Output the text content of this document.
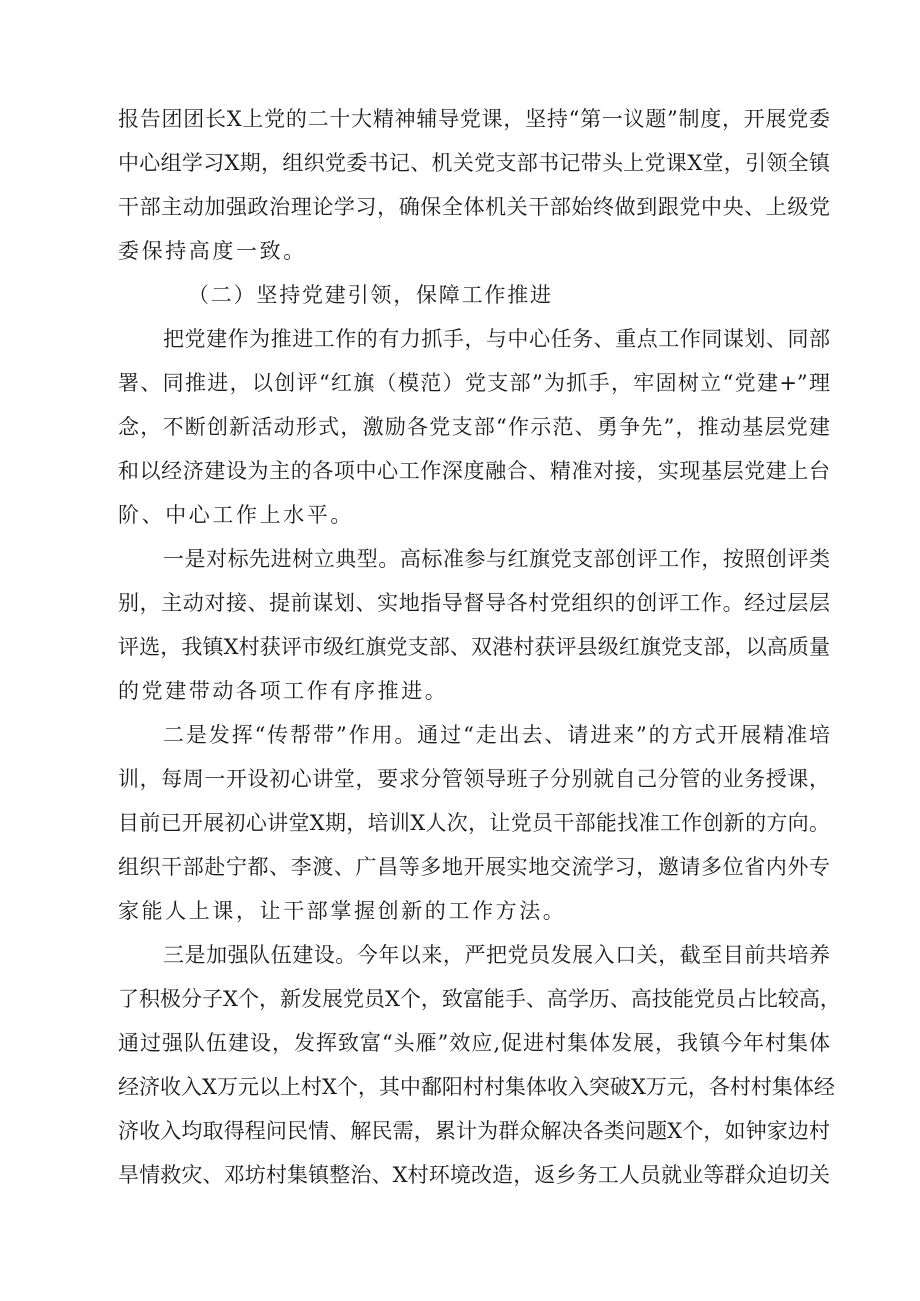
报告团团长X上党的二十大精神辅导党课，坚持“第一议题”制度，开展党委
中心组学习X期，组织党委书记、机关党支部书记带头上党课X堂，引领全镇
干部主动加强政治理论学习，确保全体机关干部始终做到跟党中央、上级党
委保持高度一致。
（二）坚持党建引领，保障工作推进
把党建作为推进工作的有力抓手，与中心任务、重点工作同谋划、同部
署、同推进，以创评“红旗（模范）党支部”为抓手，牢固树立“党建+”理
念，不断创新活动形式，激励各党支部“作示范、勇争先”，推动基层党建
和以经济建设为主的各项中心工作深度融合、精准对接，实现基层党建上台
阶、中心工作上水平。
一是对标先进树立典型。高标准参与红旗党支部创评工作，按照创评类
别，主动对接、提前谋划、实地指导督导各村党组织的创评工作。经过层层
评选，我镇X村获评市级红旗党支部、双港村获评县级红旗党支部，以高质量
的党建带动各项工作有序推进。
二是发挥“传帮带”作用。通过“走出去、请进来”的方式开展精准培
训，每周一开设初心讲堂，要求分管领导班子分别就自己分管的业务授课，
目前已开展初心讲堂X期，培训X人次，让党员干部能找准工作创新的方向。
组织干部赴宁都、李渡、广昌等多地开展实地交流学习，邀请多位省内外专
家能人上课，让干部掌握创新的工作方法。
三是加强队伍建设。今年以来，严把党员发展入口关，截至目前共培养
了积极分子X个，新发展党员X个，致富能手、高学历、高技能党员占比较高，
通过强队伍建设，发挥致富“头雁”效应,促进村集体发展，我镇今年村集体
经济收入X万元以上村X个，其中鄱阳村村集体收入突破X万元，各村村集体经
济收入均取得程问民情、解民需，累计为群众解决各类问题X个，如钟家边村
旱情救灾、邓坊村集镇整治、X村环境改造，返乡务工人员就业等群众迫切关
